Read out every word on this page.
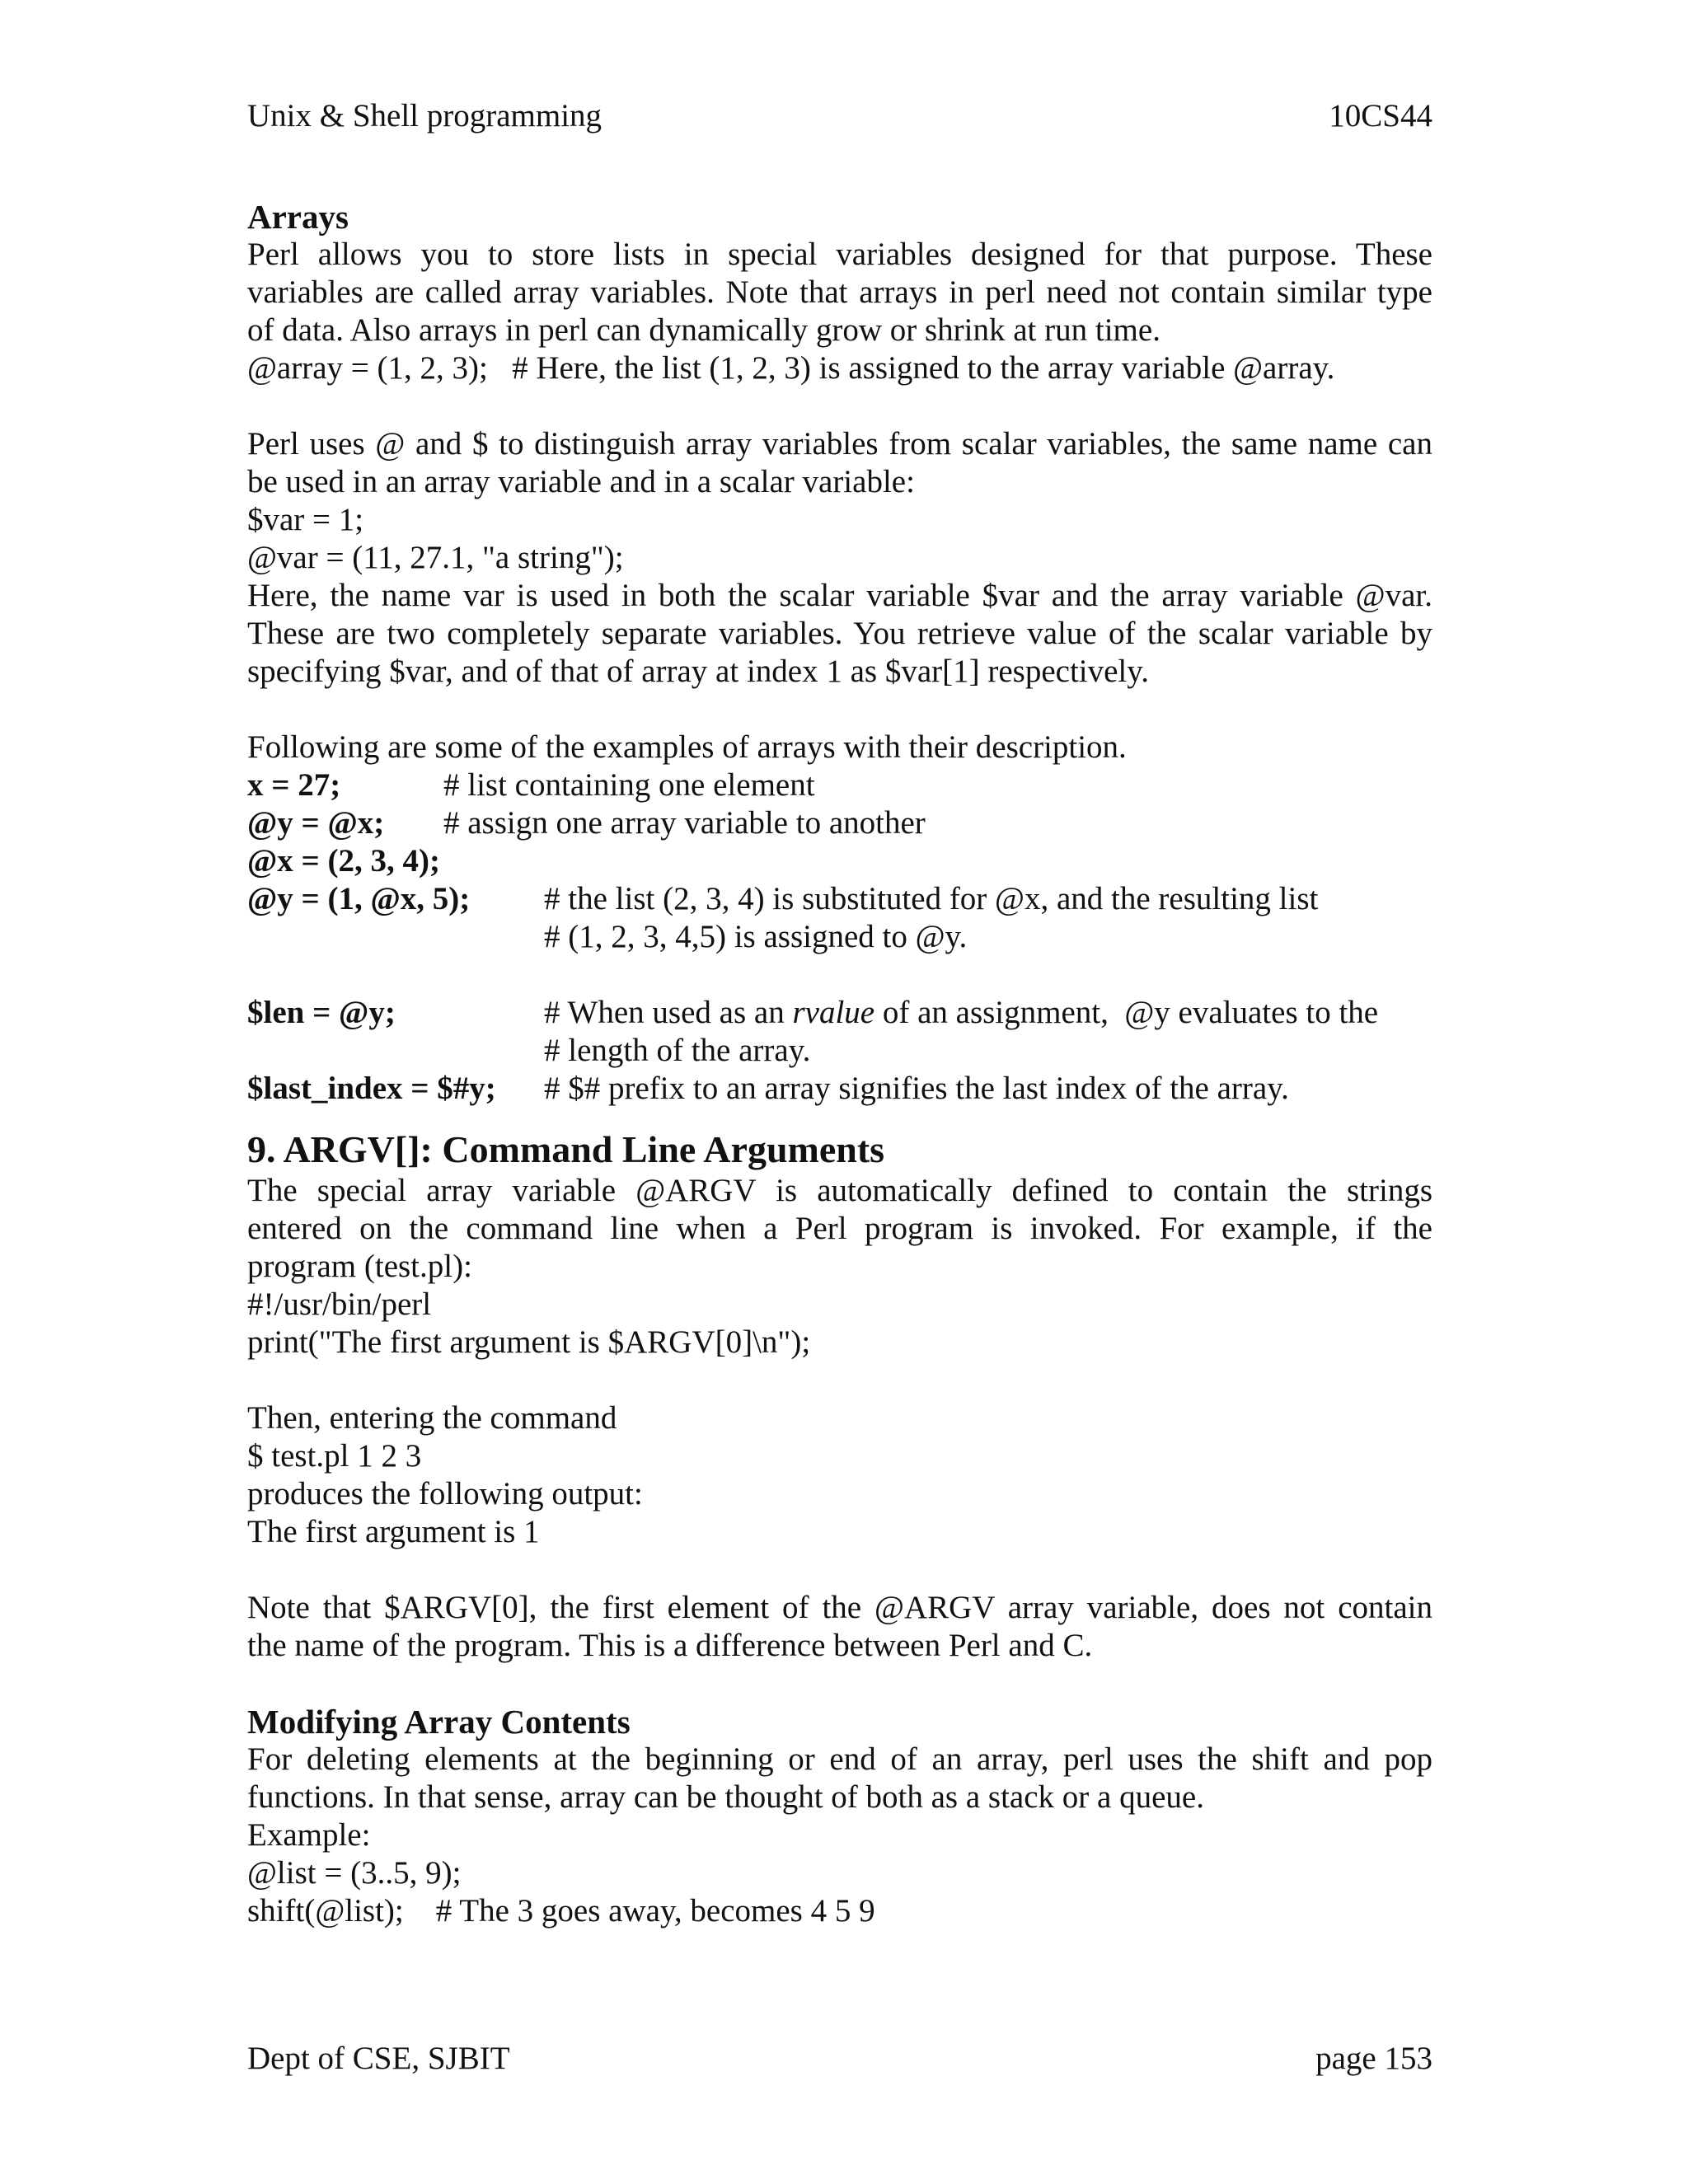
Unix & Shell programming	10CS44
Arrays
Perl allows you to store lists in special variables designed for that purpose. These
variables are called array variables. Note that arrays in perl need not contain similar type
of data. Also arrays in perl can dynamically grow or shrink at run time.
@array = (1, 2, 3);   # Here, the list (1, 2, 3) is assigned to the array variable @array.
Perl uses @ and $ to distinguish array variables from scalar variables, the same name can
be used in an array variable and in a scalar variable:
$var = 1;
@var = (11, 27.1, "a string");
Here, the name var is used in both the scalar variable $var and the array variable @var.
These are two completely separate variables. You retrieve value of the scalar variable by
specifying $var, and of that of array at index 1 as $var[1] respectively.
Following are some of the examples of arrays with their description.
x = 27;	# list containing one element
@y = @x;	# assign one array variable to another
@x = (2, 3, 4);
@y = (1, @x, 5);	# the list (2, 3, 4) is substituted for @x, and the resulting list
# (1, 2, 3, 4,5) is assigned to @y.
$len = @y;	# When used as an rvalue of an assignment,  @y evaluates to the
# length of the array.
$last_index = $#y;	# $# prefix to an array signifies the last index of the array.
9. ARGV[]: Command Line Arguments
The special array variable @ARGV is automatically defined to contain the strings
entered on the command line when a Perl program is invoked. For example, if the
program (test.pl):
#!/usr/bin/perl
print("The first argument is $ARGV[0]\n");
Then, entering the command
$ test.pl 1 2 3
produces the following output:
The first argument is 1
Note that $ARGV[0], the first element of the @ARGV array variable, does not contain
the name of the program. This is a difference between Perl and C.
Modifying Array Contents
For deleting elements at the beginning or end of an array, perl uses the shift and pop
functions. In that sense, array can be thought of both as a stack or a queue.
Example:
@list = (3..5, 9);
shift(@list);    # The 3 goes away, becomes 4 5 9
Dept of CSE, SJBIT	page 153
